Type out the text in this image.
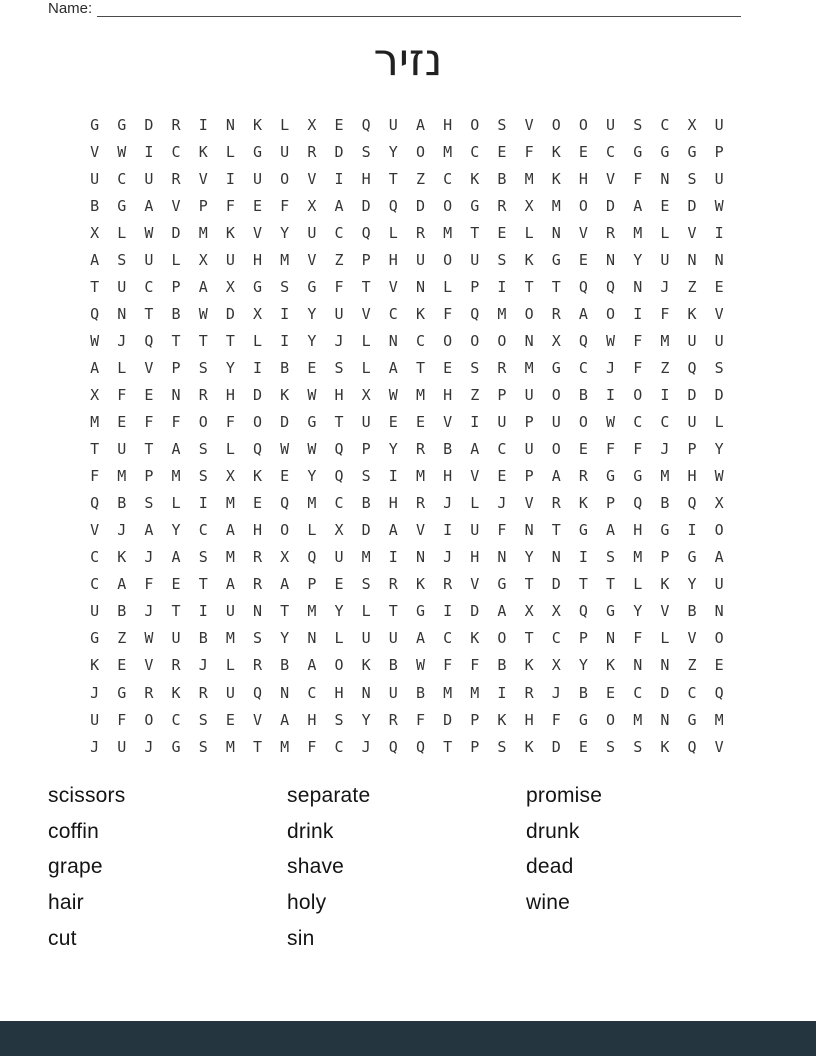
Name:
נזיר
G	G	D	R	I	N	K	L	X	E	Q	U	A	H	O	S	V	O	O	U	S	C	X	U
V	W	I	C	K	L	G	U	R	D	S	Y	O	M	C	E	F	K	E	C	G	G	G	P
U	C	U	R	V	I	U	O	V	I	H	T	Z	C	K	B	M	K	H	V	F	N	S	U
B	G	A	V	P	F	E	F	X	A	D	Q	D	O	G	R	X	M	O	D	A	E	D	W
X	L	W	D	M	K	V	Y	U	C	Q	L	R	M	T	E	L	N	V	R	M	L	V	I
A	S	U	L	X	U	H	M	V	Z	P	H	U	O	U	S	K	G	E	N	Y	U	N	N
T	U	C	P	A	X	G	S	G	F	T	V	N	L	P	I	T	T	Q	Q	N	J	Z	E
Q	N	T	B	W	D	X	I	Y	U	V	C	K	F	Q	M	O	R	A	O	I	F	K	V
W	J	Q	T	T	T	L	I	Y	J	L	N	C	O	O	O	N	X	Q	W	F	M	U	U
A	L	V	P	S	Y	I	B	E	S	L	A	T	E	S	R	M	G	C	J	F	Z	Q	S
X	F	E	N	R	H	D	K	W	H	X	W	M	H	Z	P	U	O	B	I	O	I	D	D
M	E	F	F	O	F	O	D	G	T	U	E	E	V	I	U	P	U	O	W	C	C	U	L
T	U	T	A	S	L	Q	W	W	Q	P	Y	R	B	A	C	U	O	E	F	F	J	P	Y
F	M	P	M	S	X	K	E	Y	Q	S	I	M	H	V	E	P	A	R	G	G	M	H	W
Q	B	S	L	I	M	E	Q	M	C	B	H	R	J	L	J	V	R	K	P	Q	B	Q	X
V	J	A	Y	C	A	H	O	L	X	D	A	V	I	U	F	N	T	G	A	H	G	I	O
C	K	J	A	S	M	R	X	Q	U	M	I	N	J	H	N	Y	N	I	S	M	P	G	A
C	A	F	E	T	A	R	A	P	E	S	R	K	R	V	G	T	D	T	T	L	K	Y	U
U	B	J	T	I	U	N	T	M	Y	L	T	G	I	D	A	X	X	Q	G	Y	V	B	N
G	Z	W	U	B	M	S	Y	N	L	U	U	A	C	K	O	T	C	P	N	F	L	V	O
K	E	V	R	J	L	R	B	A	O	K	B	W	F	F	B	K	X	Y	K	N	N	Z	E
J	G	R	K	R	U	Q	N	C	H	N	U	B	M	M	I	R	J	B	E	C	D	C	Q
U	F	O	C	S	E	V	A	H	S	Y	R	F	D	P	K	H	F	G	O	M	N	G	M
J	U	J	G	S	M	T	M	F	C	J	Q	Q	T	P	S	K	D	E	S	S	K	Q	V
scissors
coffin
grape
hair
cut
separate
drink
shave
holy
sin
promise
drunk
dead
wine
